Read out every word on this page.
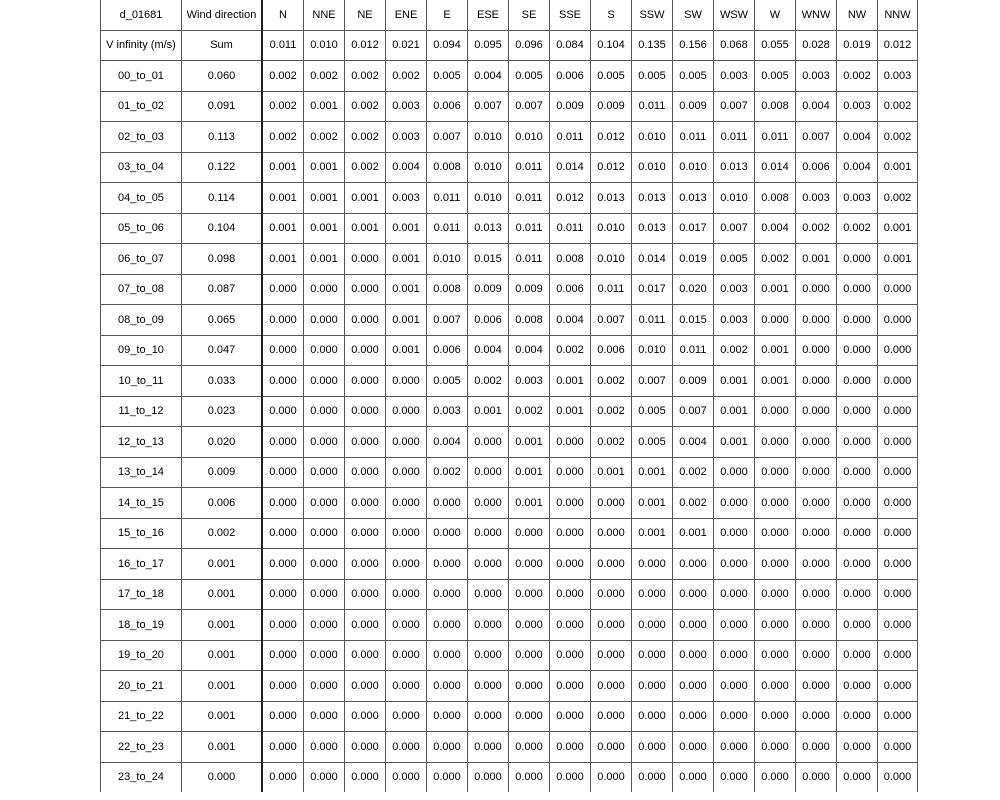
d_01681	Wind direction	N	NNE	NE	ENE	E	ESE	SE	SSE	S	SSW	SW	WSW	W	WNW	NW	NNW
V infinity (m/s)	Sum	0.011	0.010	0.012	0.021	0.094	0.095	0.096	0.084	0.104	0.135	0.156	0.068	0.055	0.028	0.019	0.012
00_to_01	0.060	0.002	0.002	0.002	0.002	0.005	0.004	0.005	0.006	0.005	0.005	0.005	0.003	0.005	0.003	0.002	0.003
01_to_02	0.091	0.002	0.001	0.002	0.003	0.006	0.007	0.007	0.009	0.009	0.011	0.009	0.007	0.008	0.004	0.003	0.002
02_to_03	0.113	0.002	0.002	0.002	0.003	0.007	0.010	0.010	0.011	0.012	0.010	0.011	0.011	0.011	0.007	0.004	0.002
03_to_04	0.122	0.001	0.001	0.002	0.004	0.008	0.010	0.011	0.014	0.012	0.010	0.010	0.013	0.014	0.006	0.004	0.001
04_to_05	0.114	0.001	0.001	0.001	0.003	0.011	0.010	0.011	0.012	0.013	0.013	0.013	0.010	0.008	0.003	0.003	0.002
05_to_06	0.104	0.001	0.001	0.001	0.001	0.011	0.013	0.011	0.011	0.010	0.013	0.017	0.007	0.004	0.002	0.002	0.001
06_to_07	0.098	0.001	0.001	0.000	0.001	0.010	0.015	0.011	0.008	0.010	0.014	0.019	0.005	0.002	0.001	0.000	0.001
07_to_08	0.087	0.000	0.000	0.000	0.001	0.008	0.009	0.009	0.006	0.011	0.017	0.020	0.003	0.001	0.000	0.000	0.000
08_to_09	0.065	0.000	0.000	0.000	0.001	0.007	0.006	0.008	0.004	0.007	0.011	0.015	0.003	0.000	0.000	0.000	0.000
09_to_10	0.047	0.000	0.000	0.000	0.001	0.006	0.004	0.004	0.002	0.006	0.010	0.011	0.002	0.001	0.000	0.000	0.000
10_to_11	0.033	0.000	0.000	0.000	0.000	0.005	0.002	0.003	0.001	0.002	0.007	0.009	0.001	0.001	0.000	0.000	0.000
11_to_12	0.023	0.000	0.000	0.000	0.000	0.003	0.001	0.002	0.001	0.002	0.005	0.007	0.001	0.000	0.000	0.000	0.000
12_to_13	0.020	0.000	0.000	0.000	0.000	0.004	0.000	0.001	0.000	0.002	0.005	0.004	0.001	0.000	0.000	0.000	0.000
13_to_14	0.009	0.000	0.000	0.000	0.000	0.002	0.000	0.001	0.000	0.001	0.001	0.002	0.000	0.000	0.000	0.000	0.000
14_to_15	0.006	0.000	0.000	0.000	0.000	0.000	0.000	0.001	0.000	0.000	0.001	0.002	0.000	0.000	0.000	0.000	0.000
15_to_16	0.002	0.000	0.000	0.000	0.000	0.000	0.000	0.000	0.000	0.000	0.001	0.001	0.000	0.000	0.000	0.000	0.000
16_to_17	0.001	0.000	0.000	0.000	0.000	0.000	0.000	0.000	0.000	0.000	0.000	0.000	0.000	0.000	0.000	0.000	0.000
17_to_18	0.001	0.000	0.000	0.000	0.000	0.000	0.000	0.000	0.000	0.000	0.000	0.000	0.000	0.000	0.000	0.000	0.000
18_to_19	0.001	0.000	0.000	0.000	0.000	0.000	0.000	0.000	0.000	0.000	0.000	0.000	0.000	0.000	0.000	0.000	0.000
19_to_20	0.001	0.000	0.000	0.000	0.000	0.000	0.000	0.000	0.000	0.000	0.000	0.000	0.000	0.000	0.000	0.000	0.000
20_to_21	0.001	0.000	0.000	0.000	0.000	0.000	0.000	0.000	0.000	0.000	0.000	0.000	0.000	0.000	0.000	0.000	0.000
21_to_22	0.001	0.000	0.000	0.000	0.000	0.000	0.000	0.000	0.000	0.000	0.000	0.000	0.000	0.000	0.000	0.000	0.000
22_to_23	0.001	0.000	0.000	0.000	0.000	0.000	0.000	0.000	0.000	0.000	0.000	0.000	0.000	0.000	0.000	0.000	0.000
23_to_24	0.000	0.000	0.000	0.000	0.000	0.000	0.000	0.000	0.000	0.000	0.000	0.000	0.000	0.000	0.000	0.000	0.000
